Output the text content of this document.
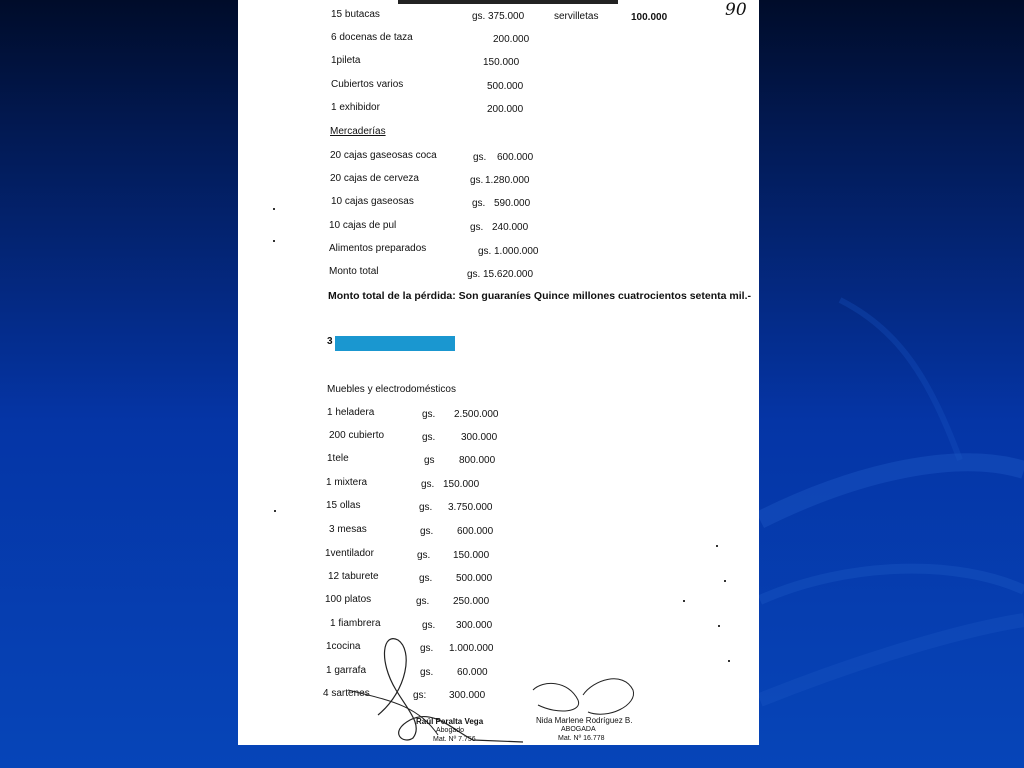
90
15 butacas	gs. 375.000	servilletas	100.000
6 docenas de taza	200.000
1pileta	150.000
Cubiertos varios	500.000
1 exhibidor	200.000
Mercaderías
20 cajas gaseosas coca	gs. 600.000
20 cajas de cerveza	gs. 1.280.000
10 cajas gaseosas	gs. 590.000
10 cajas de pul	gs. 240.000
Alimentos preparados	gs. 1.000.000
Monto total	gs. 15.620.000
Monto total de la pérdida: Son guaraníes Quince millones cuatrocientos setenta mil.-
3
Muebles y electrodomésticos
1 heladera	gs. 2.500.000
200 cubierto	gs.	300.000
1tele	gs 800.000
1 mixtera	gs. 150.000
15 ollas	gs. 3.750.000
3 mesas	gs. 600.000
1ventilador	gs. 150.000
12 taburete	gs. 500.000
100 platos	gs. 250.000
1 fiambrera	gs. 300.000
1cocina	gs. 1.000.000
1 garrafa	gs. 60.000
4 sartenes	gs: 300.000
Raúl Peralta Vega
Abogado
Mat. Nº 7.756
Nida Marlene Rodríguez B.
ABOGADA
Mat. Nº 16.778
